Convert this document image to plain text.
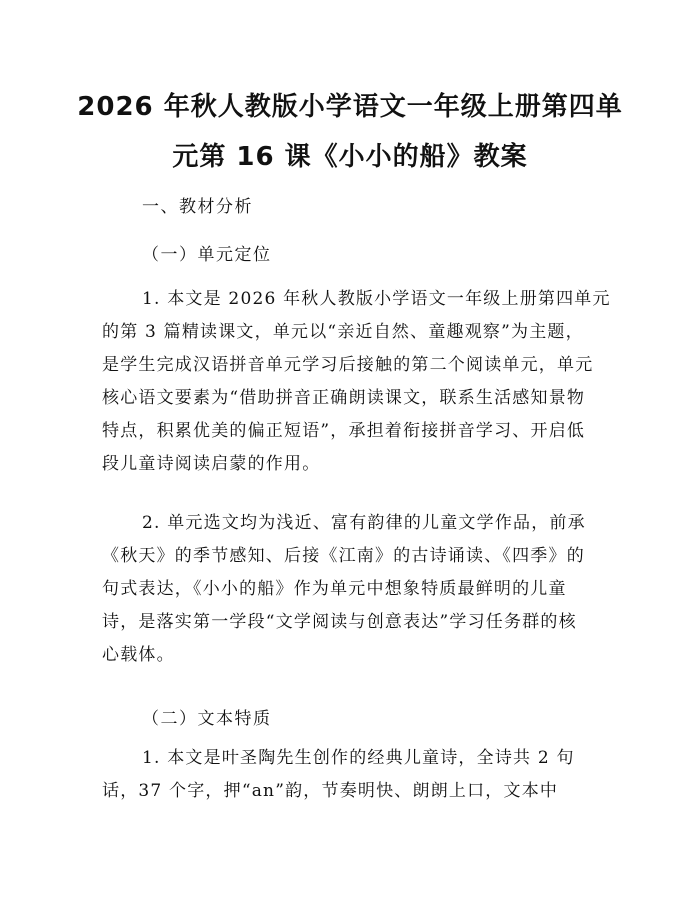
2026 年秋人教版小学语文一年级上册第四单
元第 16 课《小小的船》教案
一、教材分析
（一）单元定位
1. 本文是 2026 年秋人教版小学语文一年级上册第四单元
的第 3 篇精读课文，单元以“亲近自然、童趣观察”为主题，
是学生完成汉语拼音单元学习后接触的第二个阅读单元，单元
核心语文要素为“借助拼音正确朗读课文，联系生活感知景物
特点，积累优美的偏正短语”，承担着衔接拼音学习、开启低
段儿童诗阅读启蒙的作用。
2. 单元选文均为浅近、富有韵律的儿童文学作品，前承
《秋天》的季节感知、后接《江南》的古诗诵读、《四季》的
句式表达，《小小的船》作为单元中想象特质最鲜明的儿童
诗，是落实第一学段“文学阅读与创意表达”学习任务群的核
心载体。
（二）文本特质
1. 本文是叶圣陶先生创作的经典儿童诗，全诗共 2 句
话，37 个字，押“an”韵，节奏明快、朗朗上口，文本中
